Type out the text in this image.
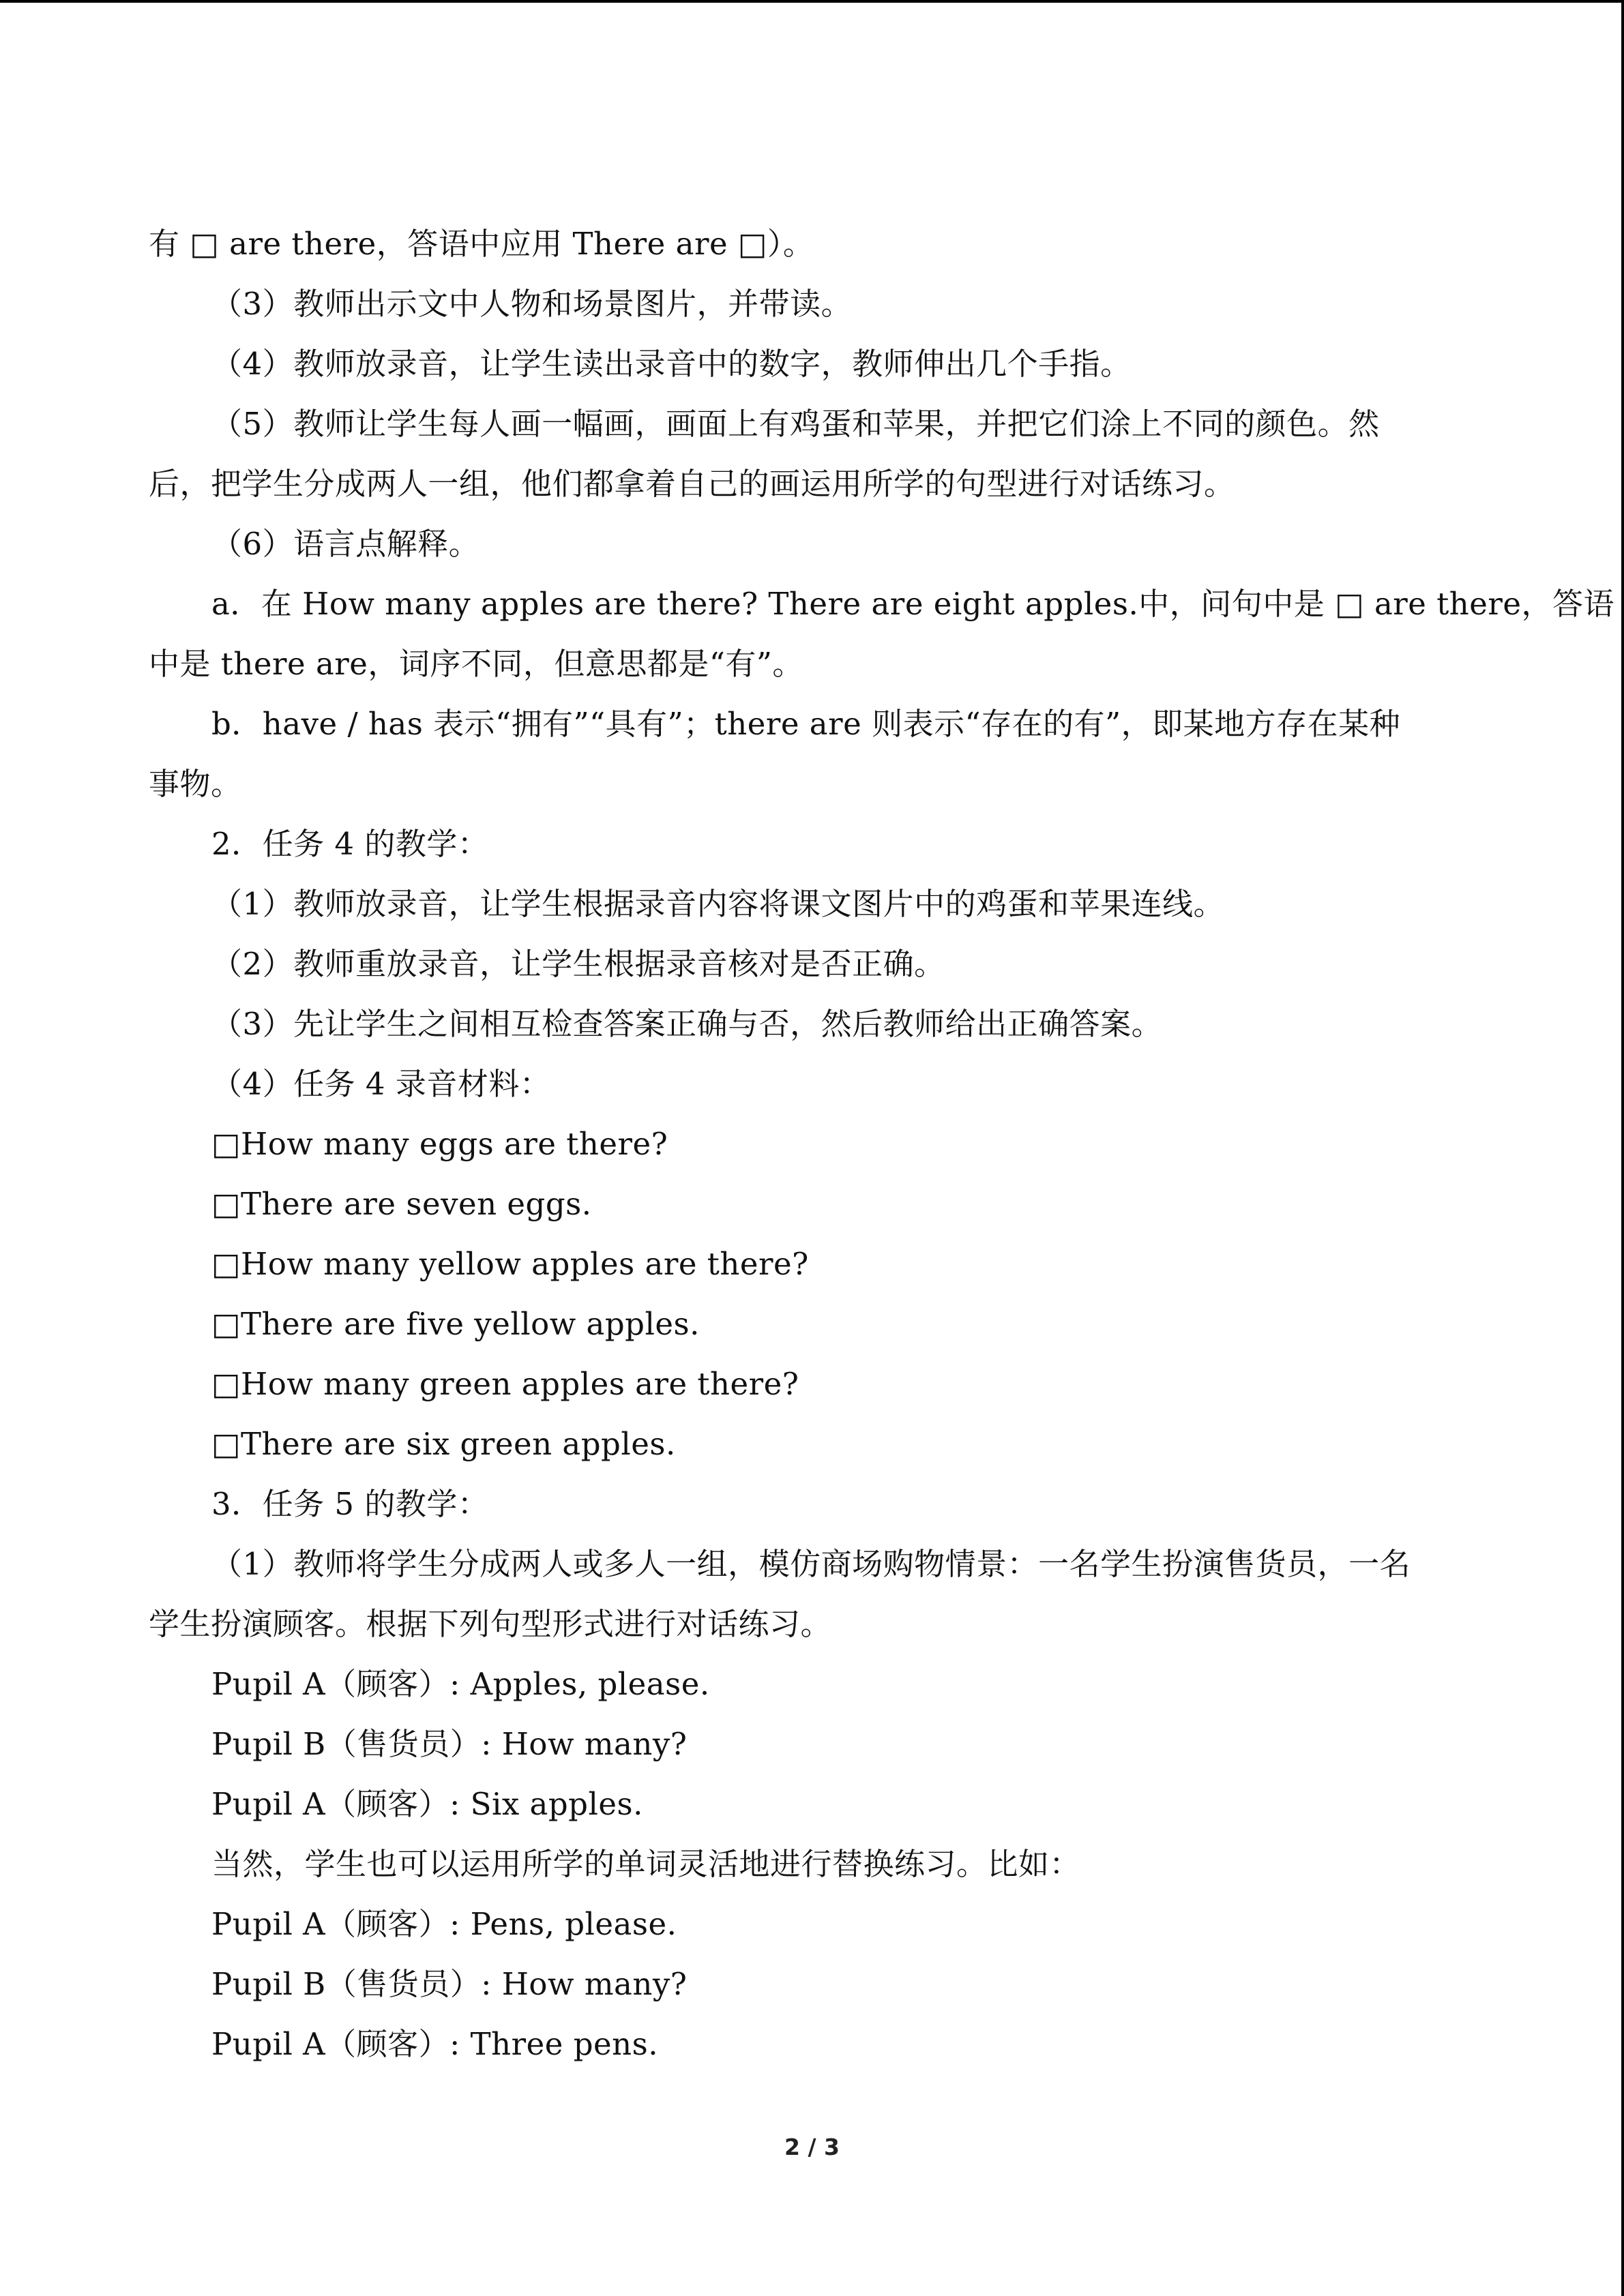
有 □ are there，答语中应用 There are □）。
（3）教师出示文中人物和场景图片，并带读。
（4）教师放录音，让学生读出录音中的数字，教师伸出几个手指。
（5）教师让学生每人画一幅画，画面上有鸡蛋和苹果，并把它们涂上不同的颜色。然
后，把学生分成两人一组，他们都拿着自己的画运用所学的句型进行对话练习。
（6）语言点解释。
a．在 How many apples are there? There are eight apples.中，问句中是 □ are there，答语
中是 there are，词序不同，但意思都是“有”。
b．have / has 表示“拥有”“具有”；there are 则表示“存在的有”，即某地方存在某种
事物。
2．任务 4 的教学：
（1）教师放录音，让学生根据录音内容将课文图片中的鸡蛋和苹果连线。
（2）教师重放录音，让学生根据录音核对是否正确。
（3）先让学生之间相互检查答案正确与否，然后教师给出正确答案。
（4）任务 4 录音材料：
□How many eggs are there?
□There are seven eggs.
□How many yellow apples are there?
□There are five yellow apples.
□How many green apples are there?
□There are six green apples.
3．任务 5 的教学：
（1）教师将学生分成两人或多人一组，模仿商场购物情景：一名学生扮演售货员，一名
学生扮演顾客。根据下列句型形式进行对话练习。
Pupil A（顾客）: Apples, please.
Pupil B（售货员）: How many?
Pupil A（顾客）: Six apples.
当然，学生也可以运用所学的单词灵活地进行替换练习。比如：
Pupil A（顾客）: Pens, please.
Pupil B（售货员）: How many?
Pupil A（顾客）: Three pens.
2 / 3
